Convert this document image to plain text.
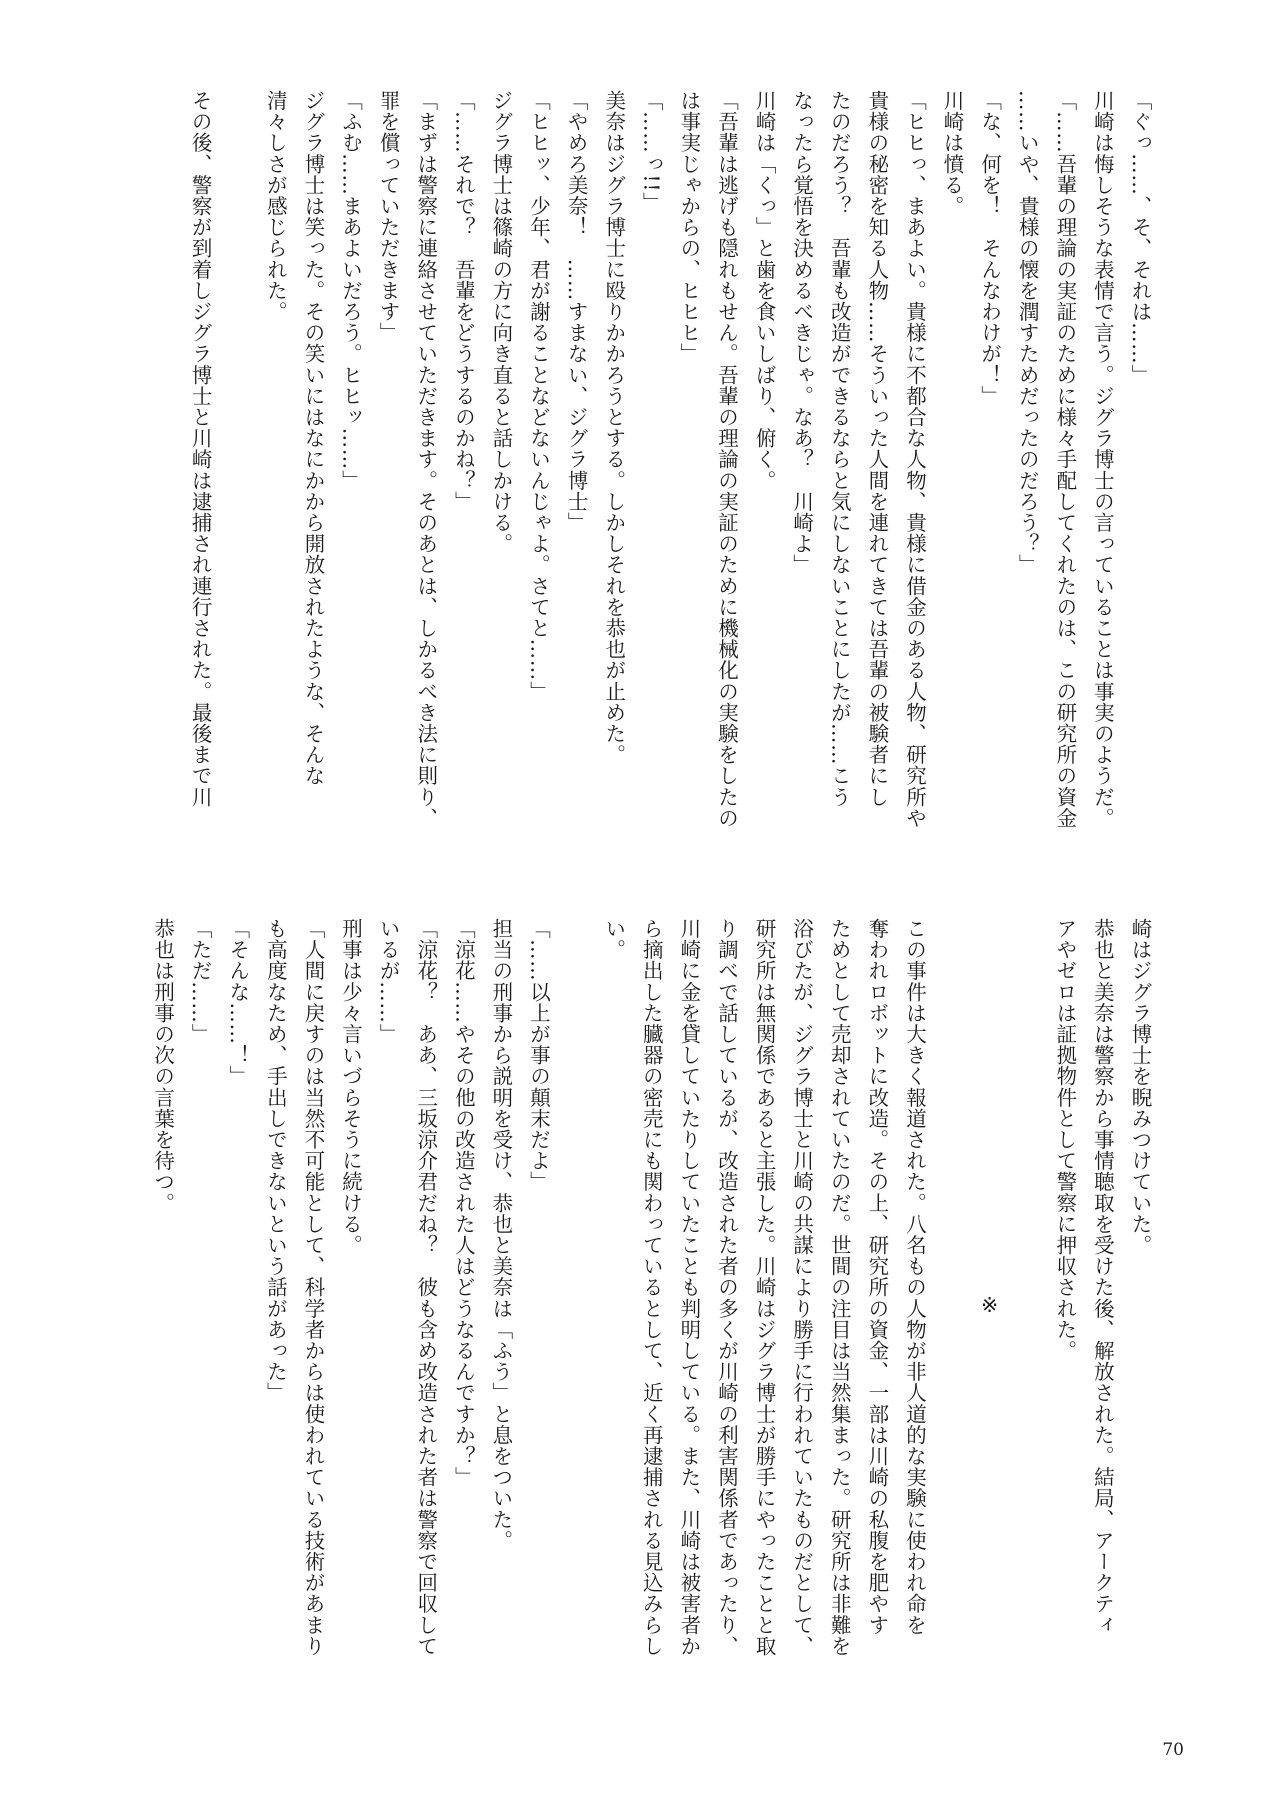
「ぐっ……、そ、それは……」
川崎は悔しそうな表情で言う。ジグラ博士の言っていることは事実のようだ。
「……吾輩の理論の実証のために様々手配してくれたのは、この研究所の資金
……いや、貴様の懐を潤すためだったのだろう？」
「な、何を！　そんなわけが！」
川崎は憤る。
「ヒヒっ、まあよい。貴様に不都合な人物、貴様に借金のある人物、研究所や
貴様の秘密を知る人物……そういった人間を連れてきては吾輩の被験者にし
たのだろう？　吾輩も改造ができるならと気にしないことにしたが……こう
なったら覚悟を決めるべきじゃ。なあ？　川崎よ」
川崎は「くっ」と歯を食いしばり、俯く。
「吾輩は逃げも隠れもせん。吾輩の理論の実証のために機械化の実験をしたの
は事実じゃからの、ヒヒヒ」
「……っ!!」
美奈はジグラ博士に殴りかかろうとする。しかしそれを恭也が止めた。
「やめろ美奈！　……すまない、ジグラ博士」
「ヒヒッ、少年、君が謝ることなどないんじゃよ。さてと……」
ジグラ博士は篠崎の方に向き直ると話しかける。
「……それで？　吾輩をどうするのかね？」
「まずは警察に連絡させていただきます。そのあとは、しかるべき法に則り、
罪を償っていただきます」
「ふむ……まあよいだろう。ヒヒッ……」
ジグラ博士は笑った。その笑いにはなにかから開放されたような、そんな
清々しさが感じられた。
その後、警察が到着しジグラ博士と川崎は逮捕され連行された。最後まで川
崎はジグラ博士を睨みつけていた。
恭也と美奈は警察から事情聴取を受けた後、解放された。結局、アークティ
アやゼロは証拠物件として警察に押収された。
※
この事件は大きく報道された。八名もの人物が非人道的な実験に使われ命を
奪われロボットに改造。その上、研究所の資金、一部は川崎の私腹を肥やす
ためとして売却されていたのだ。世間の注目は当然集まった。研究所は非難を
浴びたが、ジグラ博士と川崎の共謀により勝手に行われていたものだとして、
研究所は無関係であると主張した。川崎はジグラ博士が勝手にやったことと取
り調べで話しているが、改造された者の多くが川崎の利害関係者であったり、
川崎に金を貸していたりしていたことも判明している。また、川崎は被害者か
ら摘出した臓器の密売にも関わっているとして、近く再逮捕される見込みらし
い。
「……以上が事の顛末だよ」
担当の刑事から説明を受け、恭也と美奈は「ふう」と息をついた。
「涼花……やその他の改造された人はどうなるんですか？」
「涼花？　ああ、三坂涼介君だね？　彼も含め改造された者は警察で回収して
いるが……」
刑事は少々言いづらそうに続ける。
「人間に戻すのは当然不可能として、科学者からは使われている技術があまり
も高度なため、手出しできないという話があった」
「そんな……！」
「ただ……」
恭也は刑事の次の言葉を待つ。
70
